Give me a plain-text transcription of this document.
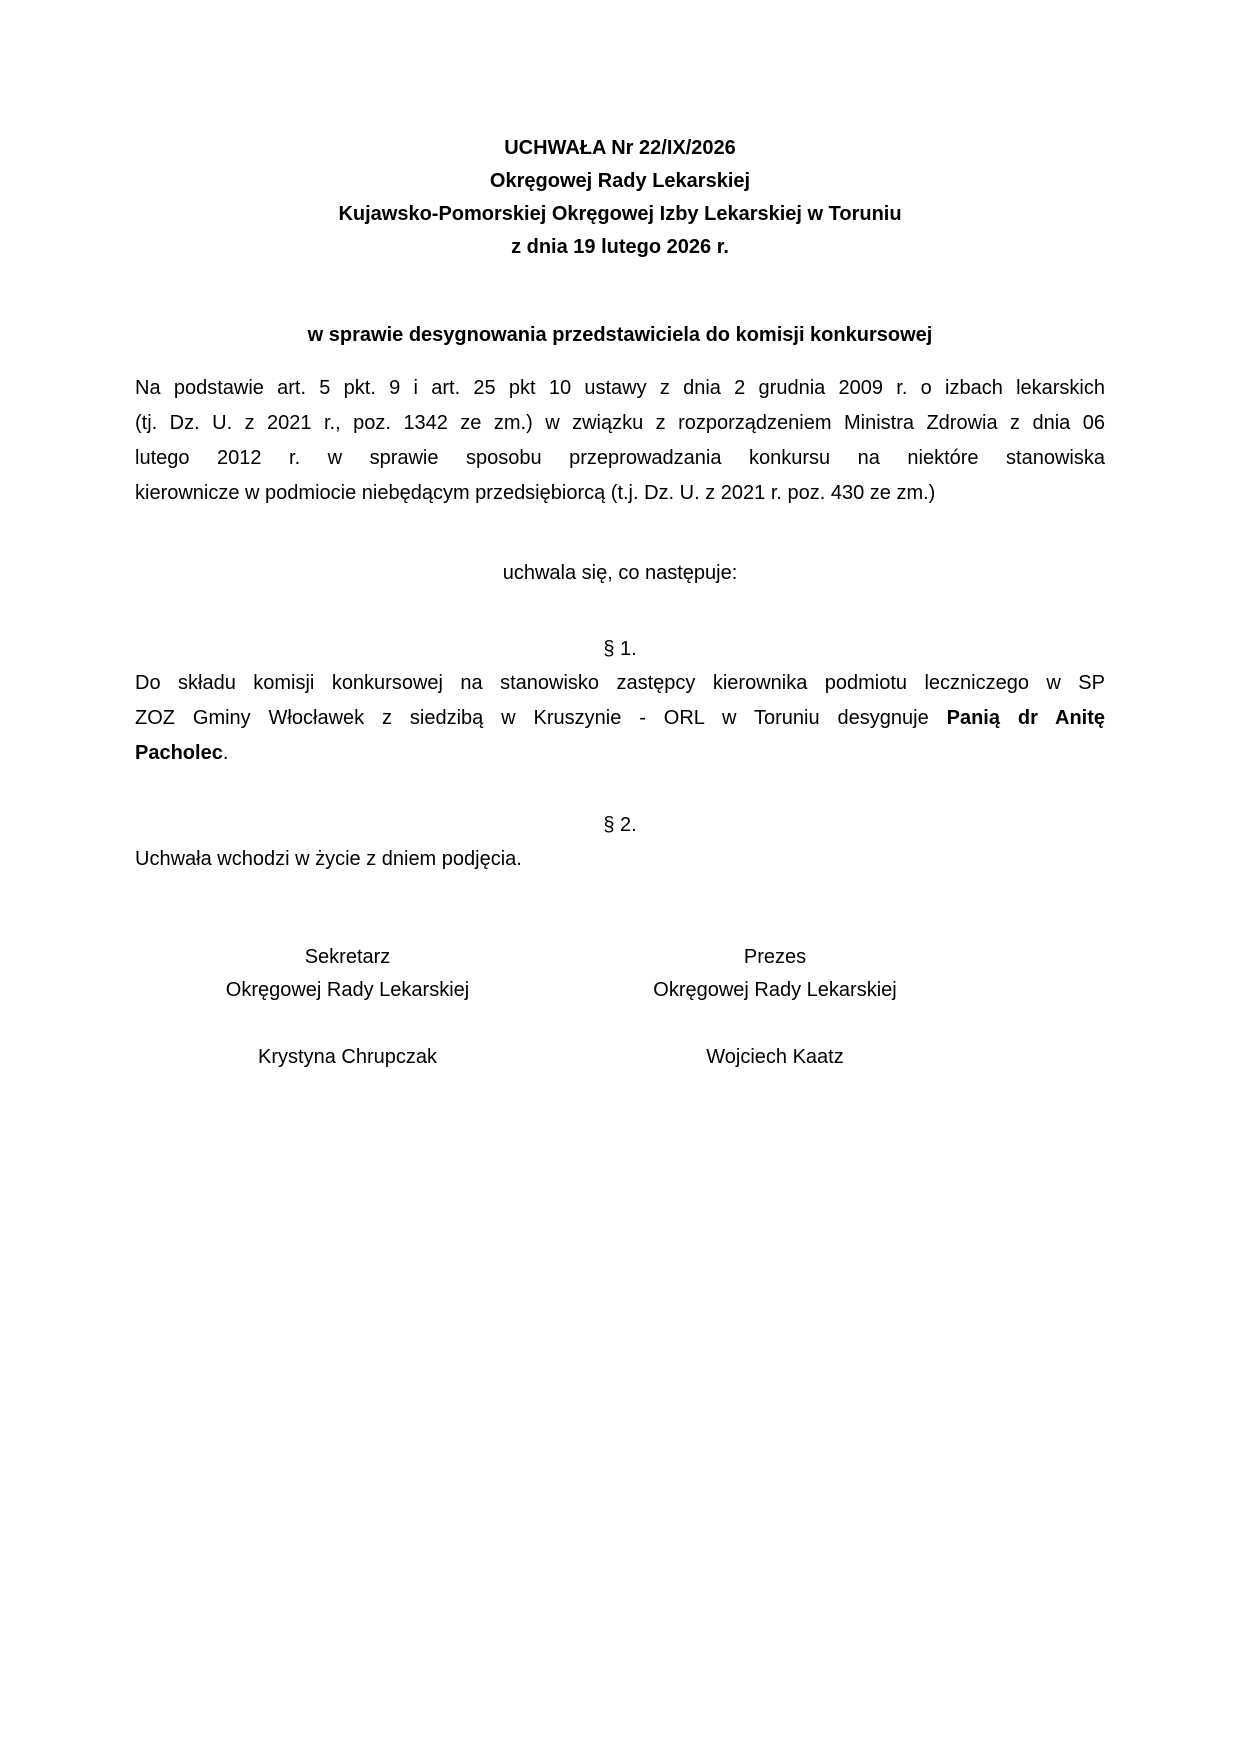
UCHWAŁA Nr 22/IX/2026
Okręgowej Rady Lekarskiej
Kujawsko-Pomorskiej Okręgowej Izby Lekarskiej w Toruniu
z dnia 19 lutego 2026 r.
w sprawie desygnowania przedstawiciela do komisji konkursowej
Na podstawie art. 5 pkt. 9 i art. 25 pkt 10 ustawy z dnia 2 grudnia 2009 r. o izbach lekarskich
(tj. Dz. U. z 2021 r., poz. 1342 ze zm.) w związku z rozporządzeniem Ministra Zdrowia z dnia 06
lutego 2012 r. w sprawie sposobu przeprowadzania konkursu na niektóre stanowiska
kierownicze w podmiocie niebędącym przedsiębiorcą (t.j. Dz. U. z 2021 r. poz. 430 ze zm.)
uchwala się, co następuje:
§ 1.
Do składu komisji konkursowej na stanowisko zastępcy kierownika podmiotu leczniczego w SP
ZOZ Gminy Włocławek z siedzibą w Kruszynie - ORL w Toruniu desygnuje Panią dr Anitę
Pacholec.
§ 2.
Uchwała wchodzi w życie z dniem podjęcia.
Sekretarz
Okręgowej Rady Lekarskiej
Krystyna Chrupczak
Prezes
Okręgowej Rady Lekarskiej
Wojciech Kaatz
